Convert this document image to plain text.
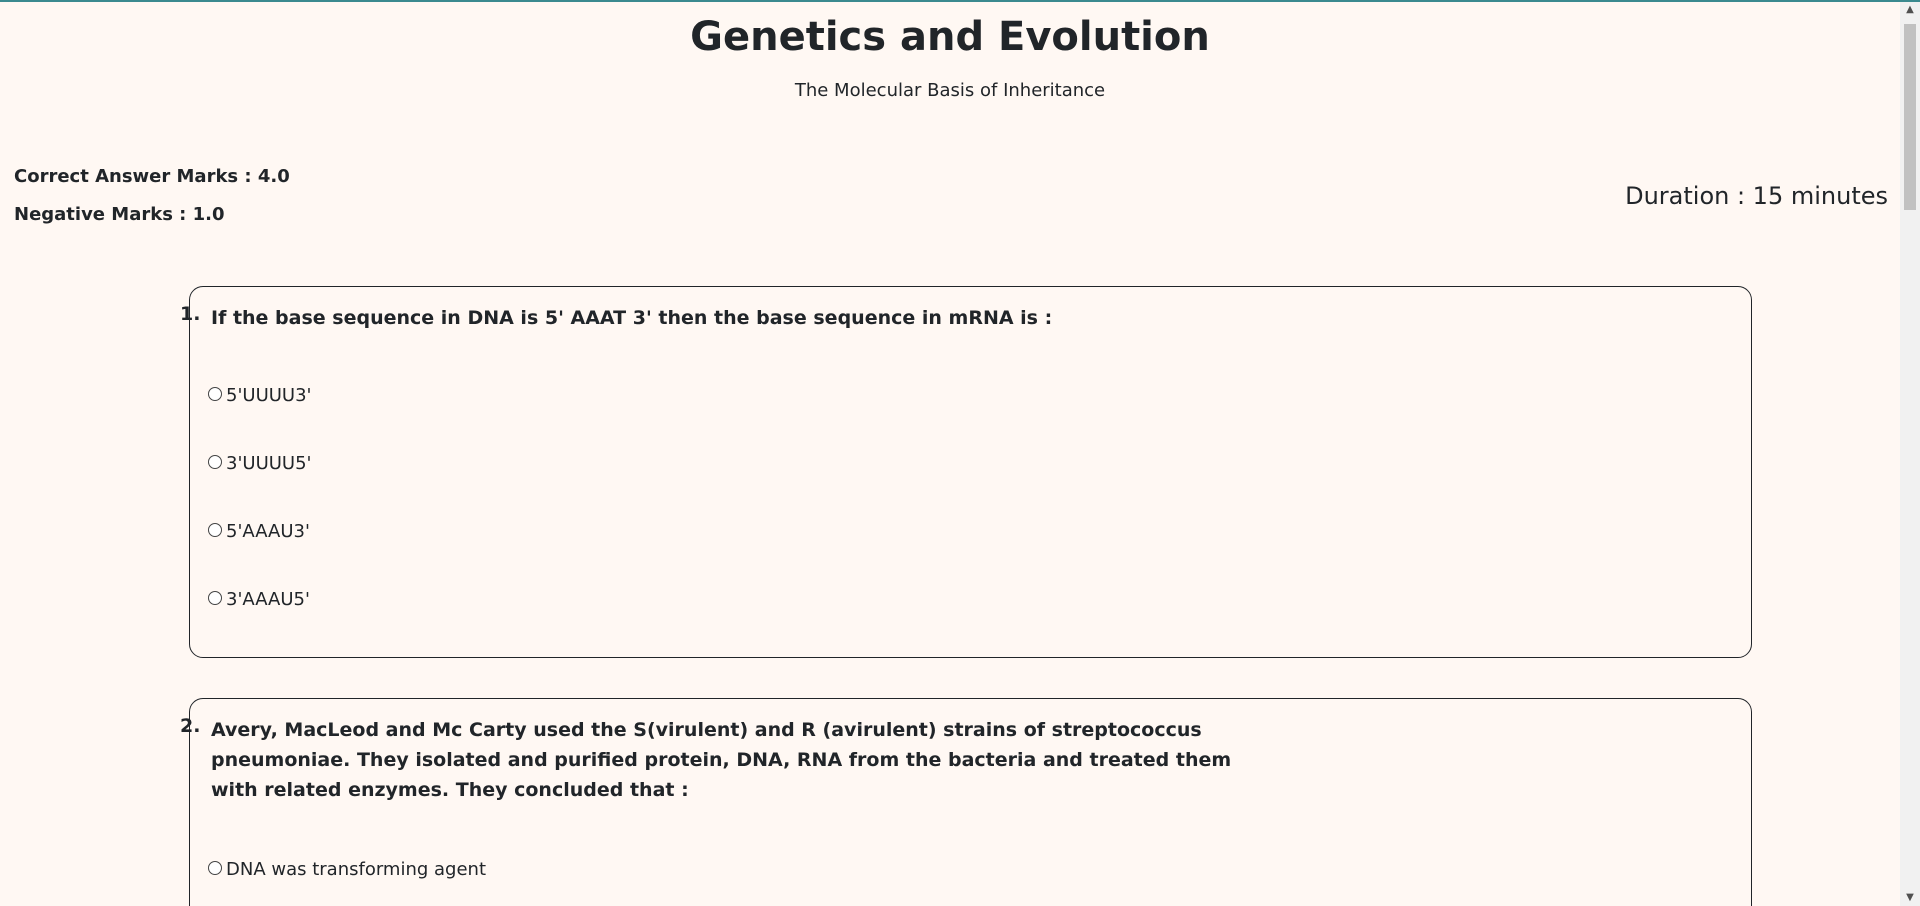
Genetics and Evolution

The Molecular Basis of Inheritance

Correct Answer Marks : 4.0
Negative Marks : 1.0
Duration : 15 minutes
1. If the base sequence in DNA is 5' AAAT 3' then the base sequence in mRNA is :
5'UUUU3'
3'UUUU5'
5'AAAU3'
3'AAAU5'
2. Avery, MacLeod and Mc Carty used the S(virulent) and R (avirulent) strains of streptococcus pneumoniae. They isolated and purified protein, DNA, RNA from the bacteria and treated them with related enzymes. They concluded that :
DNA was transforming agent
▲
▼
